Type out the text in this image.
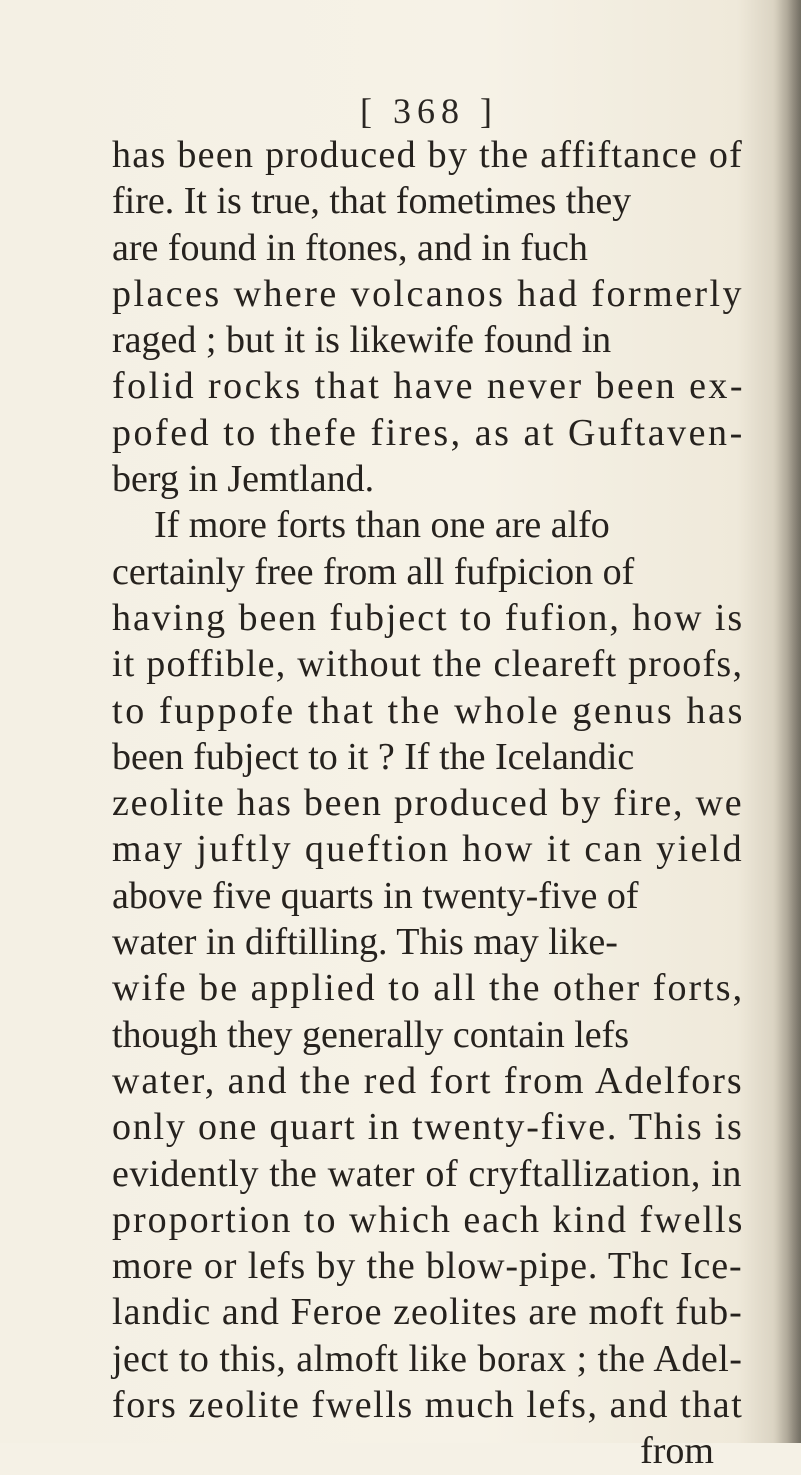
[ 368 ]
has been produced by the affiftance of
fire. It is true, that fometimes they
are found in ftones, and in fuch
places where volcanos had formerly
raged ; but it is likewife found in
folid rocks that have never been ex-
pofed to thefe fires, as at Guftaven-
berg in Jemtland.
If more forts than one are alfo
certainly free from all fufpicion of
having been fubject to fufion, how is
it poffible, without the cleareft proofs,
to fuppofe that the whole genus has
been fubject to it ? If the Icelandic
zeolite has been produced by fire, we
may juftly queftion how it can yield
above five quarts in twenty-five of
water in diftilling. This may like-
wife be applied to all the other forts,
though they generally contain lefs
water, and the red fort from Adelfors
only one quart in twenty-five. This is
evidently the water of cryftallization, in
proportion to which each kind fwells
more or lefs by the blow-pipe. Thc Ice-
landic and Feroe zeolites are moft fub-
ject to this, almoft like borax ; the Adel-
fors zeolite fwells much lefs, and that
from
